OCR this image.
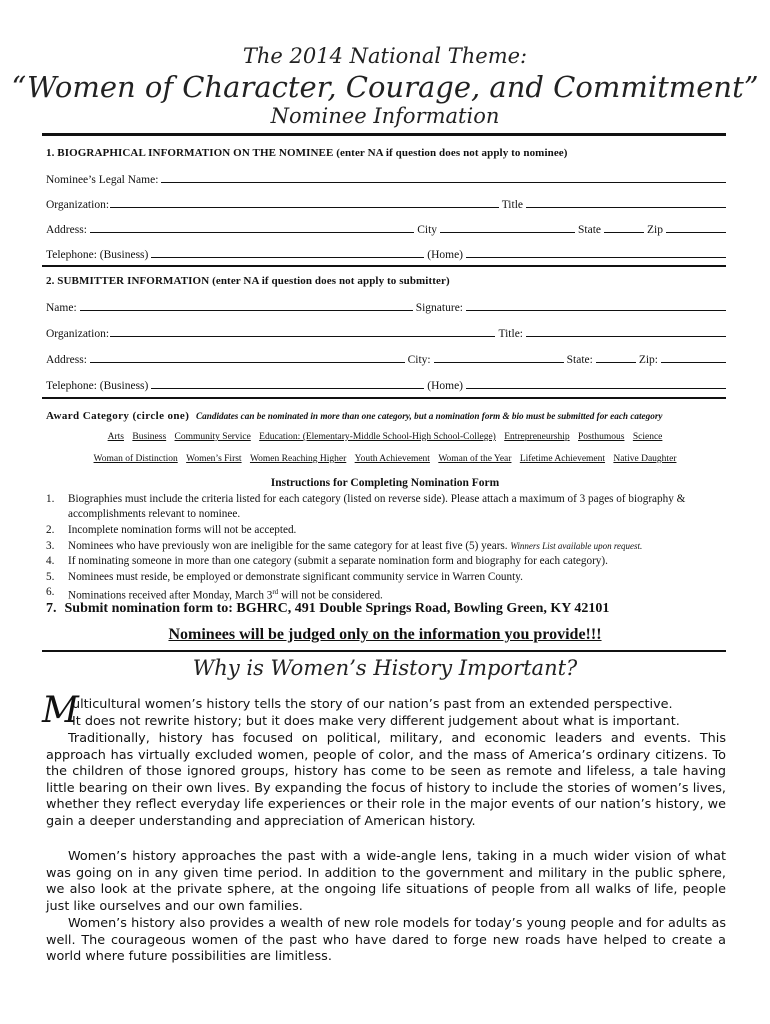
The 2014 National Theme:
“Women of Character, Courage, and Commitment”
Nominee Information
1. BIOGRAPHICAL INFORMATION ON THE NOMINEE (enter NA if question does not apply to nominee)
Nominee’s Legal Name:
Organization:	Title
Address:	City	State	Zip
Telephone: (Business)	(Home)
2. SUBMITTER INFORMATION (enter NA if question does not apply to submitter)
Name:	Signature:
Organization:	Title:
Address:	City:	State:	Zip:
Telephone: (Business)	(Home)
Award Category (circle one) Candidates can be nominated in more than one category, but a nomination form & bio must be submitted for each category
Arts Business Community Service Education: (Elementary-Middle School-High School-College) Entrepreneurship Posthumous Science
Woman of Distinction Women’s First Women Reaching Higher Youth Achievement Woman of the Year Lifetime Achievement Native Daughter
Instructions for Completing Nomination Form
1. Biographies must include the criteria listed for each category (listed on reverse side). Please attach a maximum of 3 pages of biography & accomplishments relevant to nominee.
2. Incomplete nomination forms will not be accepted.
3. Nominees who have previously won are ineligible for the same category for at least five (5) years. Winners List available upon request.
4. If nominating someone in more than one category (submit a separate nomination form and biography for each category).
5. Nominees must reside, be employed or demonstrate significant community service in Warren County.
6. Nominations received after Monday, March 3rd will not be considered.
7. Submit nomination form to: BGHRC, 491 Double Springs Road, Bowling Green, KY 42101
Nominees will be judged only on the information you provide!!!
Why is Women’s History Important?
M
ulticultural women’s history tells the story of our nation’s past from an extended perspective.
It does not rewrite history; but it does make very different judgement about what is important.
Traditionally, history has focused on political, military, and economic leaders and events. This approach has virtually excluded women, people of color, and the mass of America’s ordinary citizens. To the children of those ignored groups, history has come to be seen as remote and lifeless, a tale having little bearing on their own lives. By expanding the focus of history to include the stories of women’s lives, whether they reflect everyday life experiences or their role in the major events of our nation’s history, we gain a deeper understanding and appreciation of American history.
Women’s history approaches the past with a wide-angle lens, taking in a much wider vision of what was going on in any given time period. In addition to the government and military in the public sphere, we also look at the private sphere, at the ongoing life situations of people from all walks of life, people just like ourselves and our own families.
Women’s history also provides a wealth of new role models for today’s young people and for adults as well. The courageous women of the past who have dared to forge new roads have helped to create a world where future possibilities are limitless.
